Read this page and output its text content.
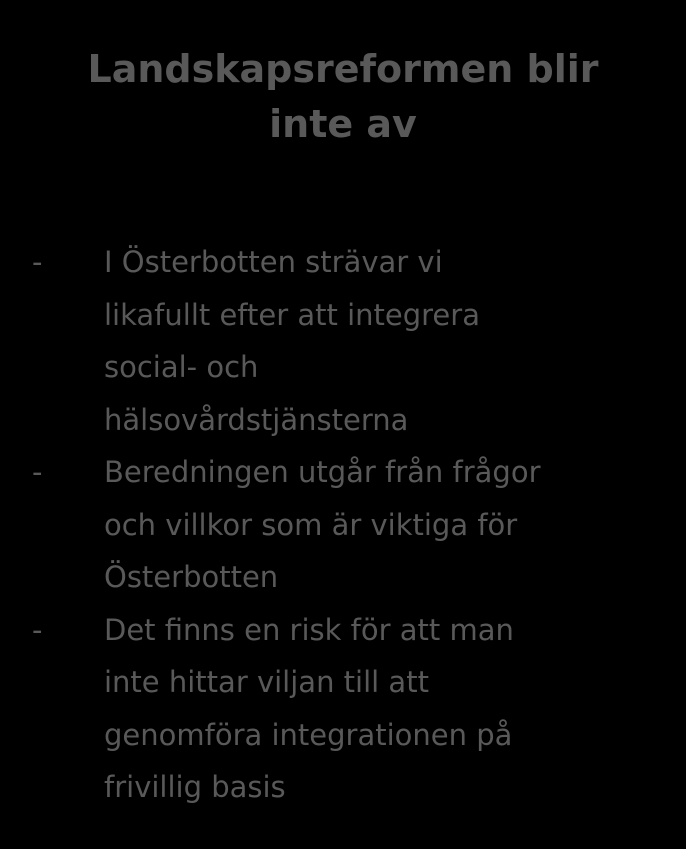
Landskapsreformen blir
inte av
- I Österbotten strävar vi
likafullt efter att integrera
social- och
hälsovårdstjänsterna
- Beredningen utgår från frågor
och villkor som är viktiga för
Österbotten
- Det finns en risk för att man
inte hittar viljan till att
genomföra integrationen på
frivillig basis
